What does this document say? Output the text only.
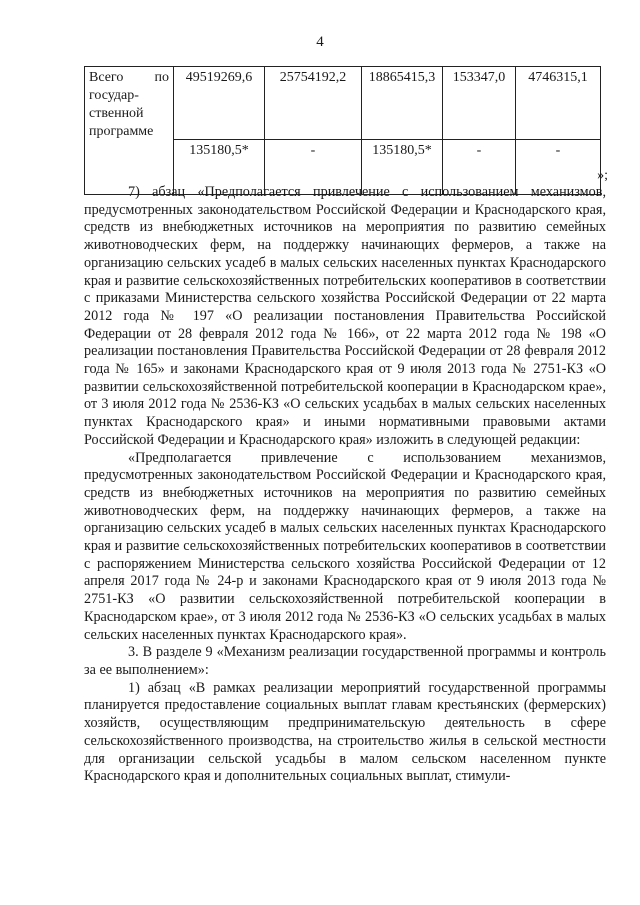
4
Всего по государ-ственной программе	49519269,6	25754192,2	18865415,3	153347,0	4746315,1
	135180,5*	-	135180,5*	-	-
»;

7) абзац «Предполагается привлечение с использованием механизмов, предусмотренных законодательством Российской Федерации и Краснодарского края, средств из внебюджетных источников на мероприятия по развитию семейных животноводческих ферм, на поддержку начинающих фермеров, а также на организацию сельских усадеб в малых сельских населенных пунктах Краснодарского края и развитие сельскохозяйственных потребительских кооперативов в соответствии с приказами Министерства сельского хозяйства Российской Федерации от 22 марта 2012 года № 197 «О реализации постановления Правительства Российской Федерации от 28 февраля 2012 года № 166», от 22 марта 2012 года № 198 «О реализации постановления Правительства Российской Федерации от 28 февраля 2012 года № 165» и законами Краснодарского края от 9 июля 2013 года № 2751-КЗ «О развитии сельскохозяйственной потребительской кооперации в Краснодарском крае», от 3 июля 2012 года № 2536-КЗ «О сельских усадьбах в малых сельских населенных пунктах Краснодарского края» и иными нормативными правовыми актами Российской Федерации и Краснодарского края» изложить в следующей редакции:

«Предполагается привлечение с использованием механизмов, предусмотренных законодательством Российской Федерации и Краснодарского края, средств из внебюджетных источников на мероприятия по развитию семейных животноводческих ферм, на поддержку начинающих фермеров, а также на организацию сельских усадеб в малых сельских населенных пунктах Краснодарского края и развитие сельскохозяйственных потребительских кооперативов в соответствии с распоряжением Министерства сельского хозяйства Российской Федерации от 12 апреля 2017 года № 24-р и законами Краснодарского края от 9 июля 2013 года № 2751-КЗ «О развитии сельскохозяйственной потребительской кооперации в Краснодарском крае», от 3 июля 2012 года № 2536-КЗ «О сельских усадьбах в малых сельских населенных пунктах Краснодарского края».

3. В разделе 9 «Механизм реализации государственной программы и контроль за ее выполнением»:

1) абзац «В рамках реализации мероприятий государственной программы планируется предоставление социальных выплат главам крестьянских (фермерских) хозяйств, осуществляющим предпринимательскую деятельность в сфере сельскохозяйственного производства, на строительство жилья в сельской местности для организации сельской усадьбы в малом сельском населенном пункте Краснодарского края и дополнительных социальных выплат, стимули-
